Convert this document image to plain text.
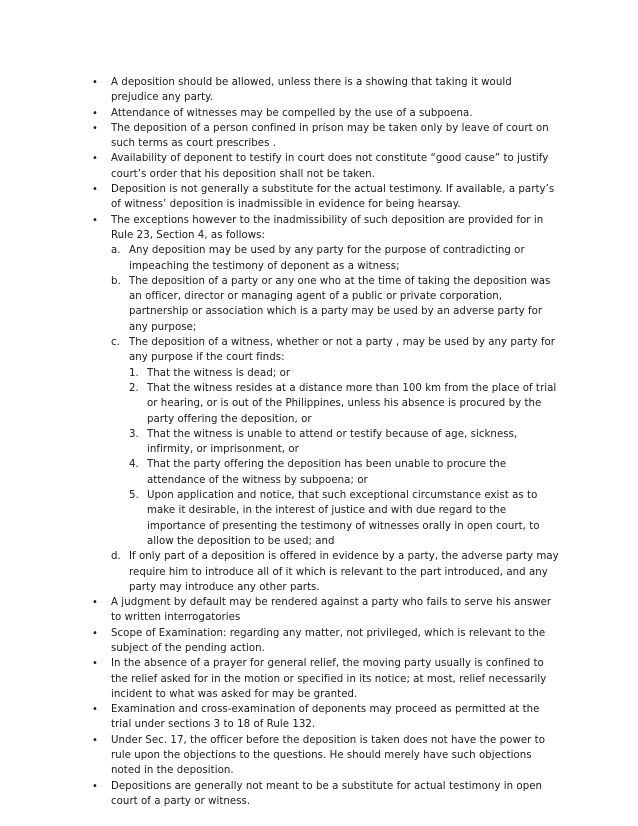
•	A deposition should be allowed, unless there is a showing that taking it would prejudice any party.
•	Attendance of witnesses may be compelled by the use of a subpoena.
•	The deposition of a person confined in prison may be taken only by leave of court on such terms as court prescribes .
•	Availability of deponent to testify in court does not constitute “good cause” to justify court’s order that his deposition shall not be taken.
•	Deposition is not generally a substitute for the actual testimony. If available, a party’s of witness’ deposition is inadmissible in evidence for being hearsay.
•	The exceptions however to the inadmissibility of such deposition are provided for in Rule 23, Section 4, as follows:
a. Any deposition may be used by any party for the purpose of contradicting or impeaching the testimony of deponent as a witness;
b. The deposition of a party or any one who at the time of taking the deposition was an officer, director or managing agent of a public or private corporation, partnership or association which is a party may be used by an adverse party for any purpose;
c. The deposition of a witness, whether or not a party , may be used by any party for any purpose if the court finds:
1. That the witness is dead; or
2. That the witness resides at a distance more than 100 km from the place of trial or hearing, or is out of the Philippines, unless his absence is procured by the party offering the deposition, or
3. That the witness is unable to attend or testify because of age, sickness, infirmity, or imprisonment, or
4. That the party offering the deposition has been unable to procure the attendance of the witness by subpoena; or
5. Upon application and notice, that such exceptional circumstance exist as to make it desirable, in the interest of justice and with due regard to the importance of presenting the testimony of witnesses orally in open court, to allow the deposition to be used; and
d. If only part of a deposition is offered in evidence by a party, the adverse party may require him to introduce all of it which is relevant to the part introduced, and any party may introduce any other parts.
•	A judgment by default may be rendered against a party who fails to serve his answer to written interrogatories
•	Scope of Examination: regarding any matter, not privileged, which is relevant to the subject of the pending action.
•	In the absence of a prayer for general relief, the moving party usually is confined to the relief asked for in the motion or specified in its notice; at most, relief necessarily incident to what was asked for may be granted.
•	Examination and cross-examination of deponents may proceed as permitted at the trial under sections 3 to 18 of Rule 132.
•	Under Sec. 17, the officer before the deposition is taken does not have the power to rule upon the objections to the questions. He should merely have such objections noted in the deposition.
•	Depositions are generally not meant to be a substitute for actual testimony in open court of a party or witness.
